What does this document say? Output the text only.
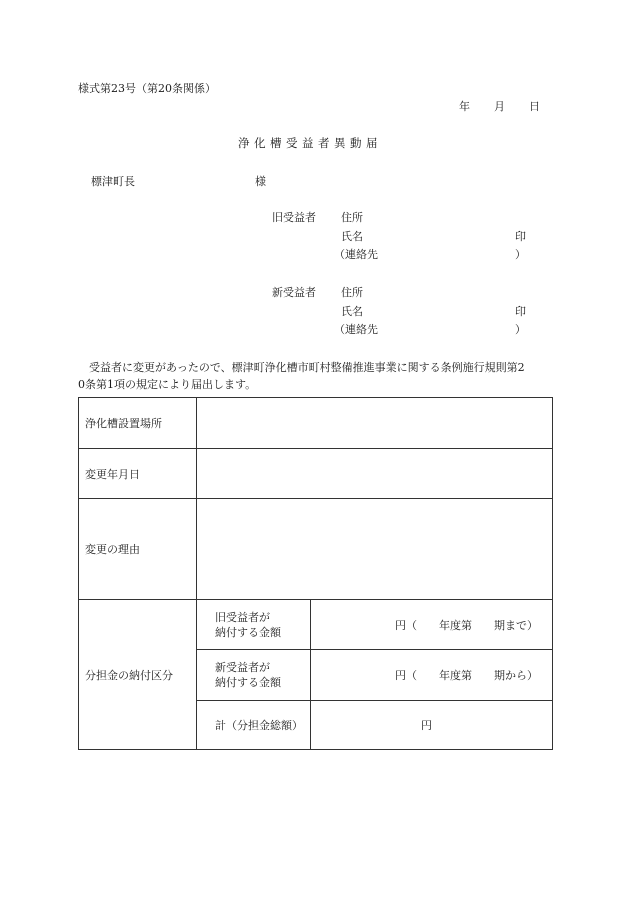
様式第23号（第20条関係）
年 月 日
浄化槽受益者異動届
標津町長	様
旧受益者 住所
氏名	印
（連絡先	）
新受益者 住所
氏名	印
（連絡先	）
　受益者に変更があったので、標津町浄化槽市町村整備推進事業に関する条例施行規則第2
0条第1項の規定により届出します。
浄化槽設置場所		
変更年月日		
変更の理由		
分担金の納付区分	旧受益者が
納付する金額	円（　　年度第　　期まで）

	新受益者が
納付する金額	円（　　年度第　　期から）

	計（分担金総額）	円
